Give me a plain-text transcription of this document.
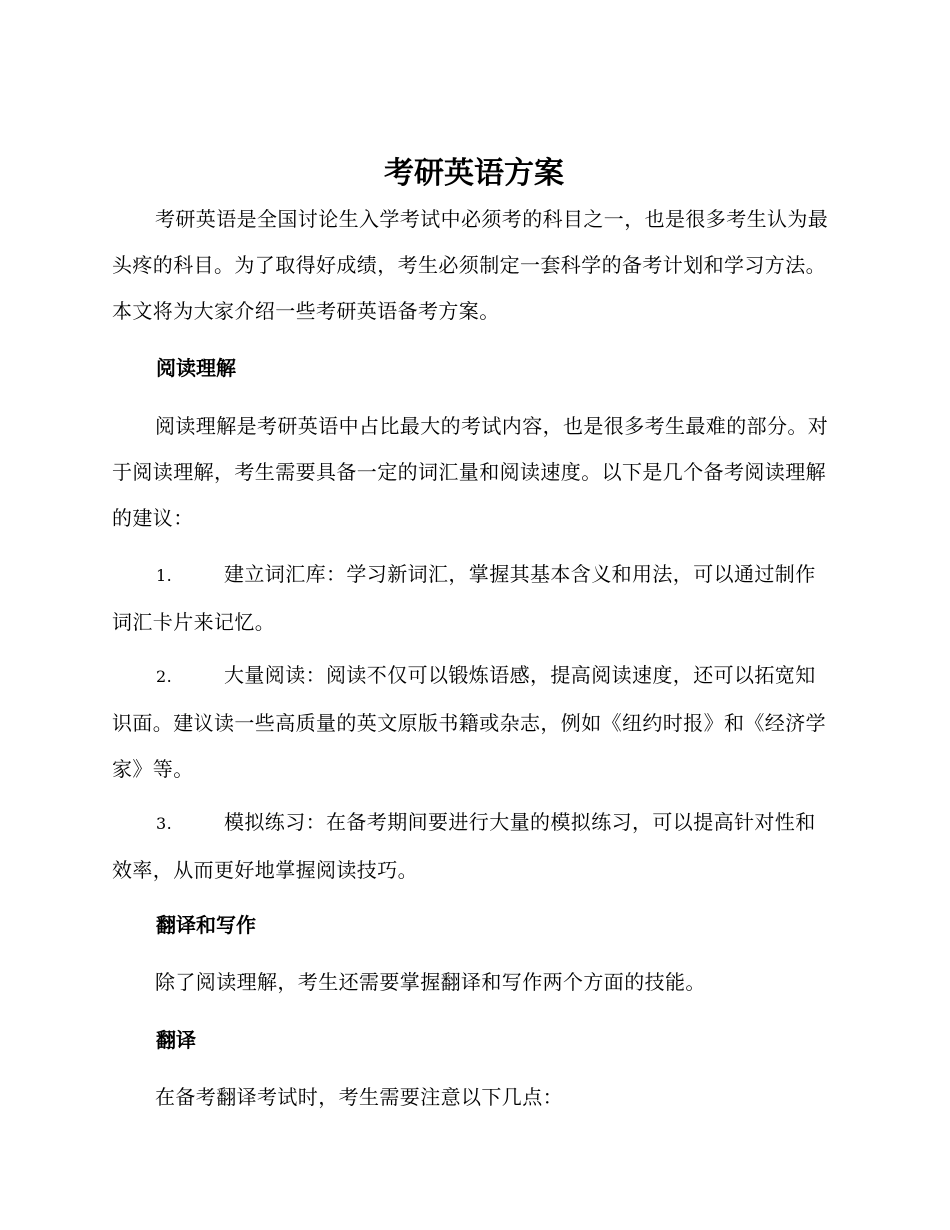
考研英语方案

考研英语是全国讨论生入学考试中必须考的科目之一，也是很多考生认为最头疼的科目。为了取得好成绩，考生必须制定一套科学的备考计划和学习方法。本文将为大家介绍一些考研英语备考方案。

阅读理解

阅读理解是考研英语中占比最大的考试内容，也是很多考生最难的部分。对于阅读理解，考生需要具备一定的词汇量和阅读速度。以下是几个备考阅读理解的建议：

1.	建立词汇库：学习新词汇，掌握其基本含义和用法，可以通过制作词汇卡片来记忆。

2.	大量阅读：阅读不仅可以锻炼语感，提高阅读速度，还可以拓宽知识面。建议读一些高质量的英文原版书籍或杂志，例如《纽约时报》和《经济学家》等。

3.	模拟练习：在备考期间要进行大量的模拟练习，可以提高针对性和效率，从而更好地掌握阅读技巧。

翻译和写作

除了阅读理解，考生还需要掌握翻译和写作两个方面的技能。

翻译

在备考翻译考试时，考生需要注意以下几点：
